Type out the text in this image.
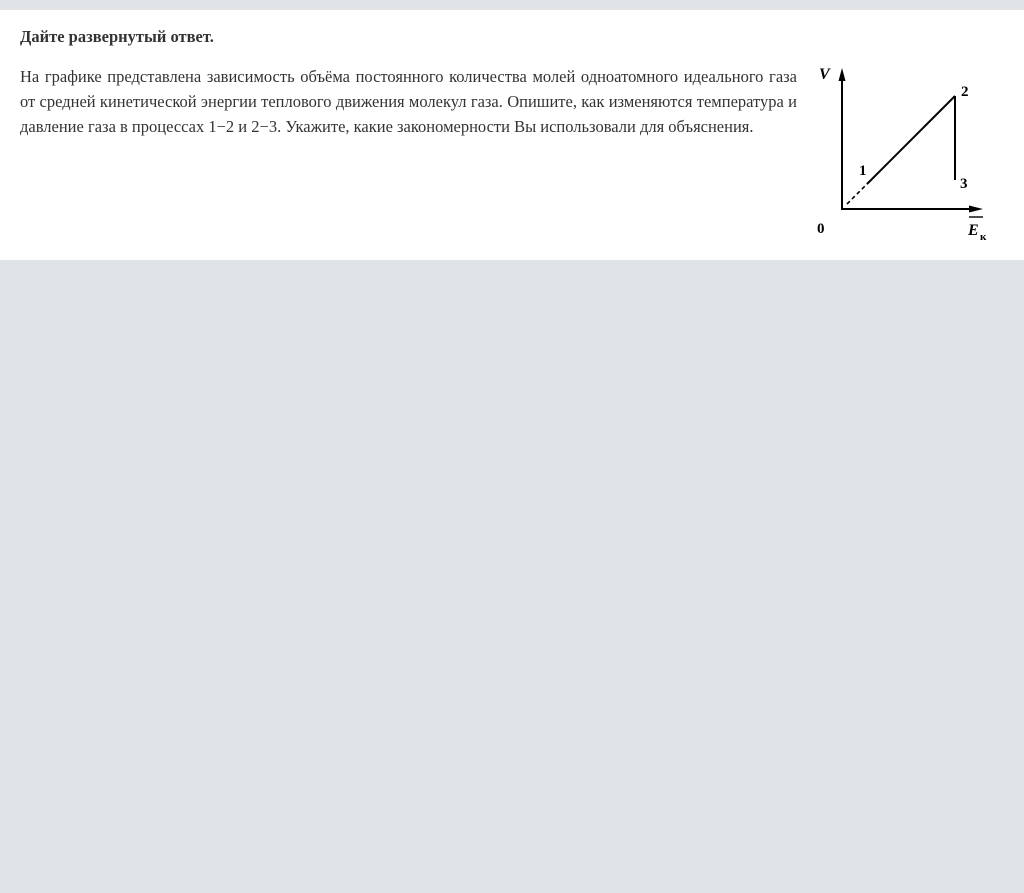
Дайте развернутый ответ.

На графике представлена зависимость объёма постоянного количества молей одноатомного идеального газа от средней кинетической энергии теплового движения молекул газа. Опишите, как изменяются температура и давление газа в процессах 1−2 и 2−3. Укажите, какие закономерности Вы использовали для объяснения.

V
0
1
2
3
E к
